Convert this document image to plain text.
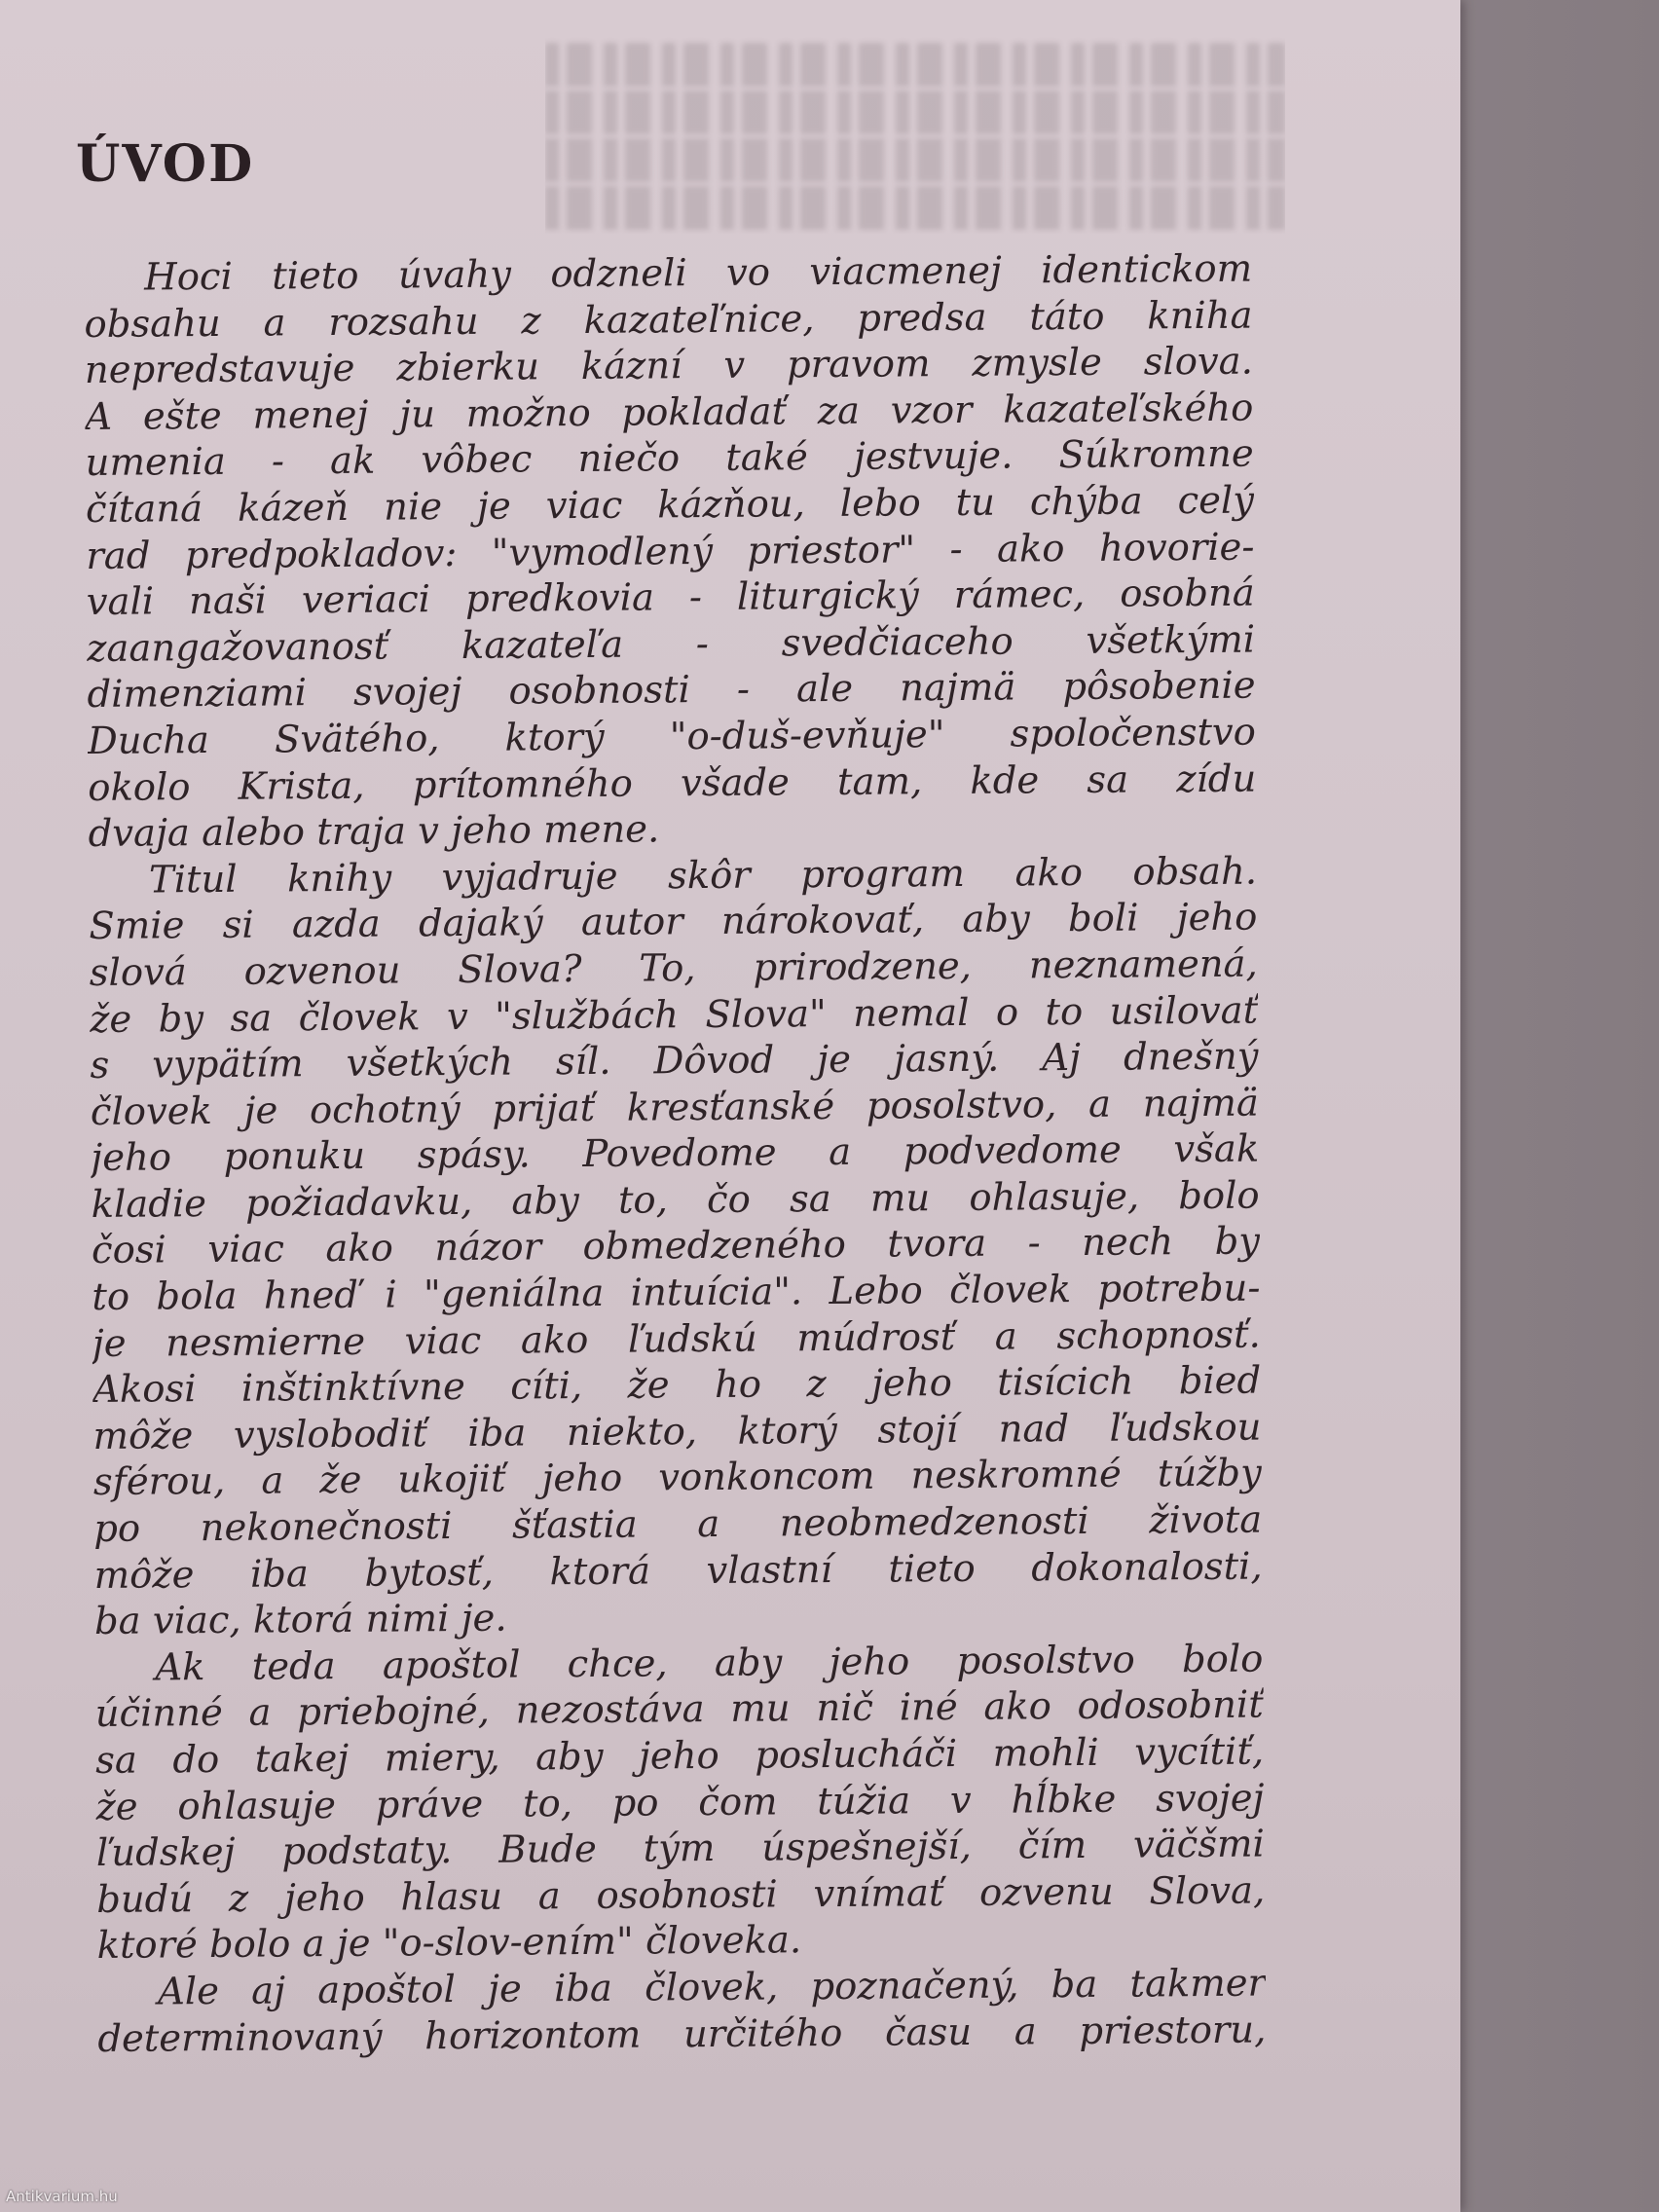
ÚVOD
Hoci tieto úvahy odzneli vo viacmenej identickom
obsahu a rozsahu z kazateľnice, predsa táto kniha
nepredstavuje zbierku kázní v pravom zmysle slova.
A ešte menej ju možno pokladať za vzor kazateľského
umenia - ak vôbec niečo také jestvuje. Súkromne
čítaná kázeň nie je viac kázňou, lebo tu chýba celý
rad predpokladov: "vymodlený priestor" - ako hovorie-
vali naši veriaci predkovia - liturgický rámec, osobná
zaangažovanosť kazateľa - svedčiaceho všetkými
dimenziami svojej osobnosti - ale najmä pôsobenie
Ducha Svätého, ktorý "o-duš-evňuje" spoločenstvo
okolo Krista, prítomného všade tam, kde sa zídu
dvaja alebo traja v jeho mene.
Titul knihy vyjadruje skôr program ako obsah.
Smie si azda dajaký autor nárokovať, aby boli jeho
slová ozvenou Slova? To, prirodzene, neznamená,
že by sa človek v "službách Slova" nemal o to usilovať
s vypätím všetkých síl. Dôvod je jasný. Aj dnešný
človek je ochotný prijať kresťanské posolstvo, a najmä
jeho ponuku spásy. Povedome a podvedome však
kladie požiadavku, aby to, čo sa mu ohlasuje, bolo
čosi viac ako názor obmedzeného tvora - nech by
to bola hneď i "geniálna intuícia". Lebo človek potrebu-
je nesmierne viac ako ľudskú múdrosť a schopnosť.
Akosi inštinktívne cíti, že ho z jeho tisícich bied
môže vyslobodiť iba niekto, ktorý stojí nad ľudskou
sférou, a že ukojiť jeho vonkoncom neskromné túžby
po nekonečnosti šťastia a neobmedzenosti života
môže iba bytosť, ktorá vlastní tieto dokonalosti,
ba viac, ktorá nimi je.
Ak teda apoštol chce, aby jeho posolstvo bolo
účinné a priebojné, nezostáva mu nič iné ako odosobniť
sa do takej miery, aby jeho poslucháči mohli vycítiť,
že ohlasuje práve to, po čom túžia v hĺbke svojej
ľudskej podstaty. Bude tým úspešnejší, čím väčšmi
budú z jeho hlasu a osobnosti vnímať ozvenu Slova,
ktoré bolo a je "o-slov-ením" človeka.
Ale aj apoštol je iba človek, poznačený, ba takmer
determinovaný horizontom určitého času a priestoru,
Antikvarium.hu
